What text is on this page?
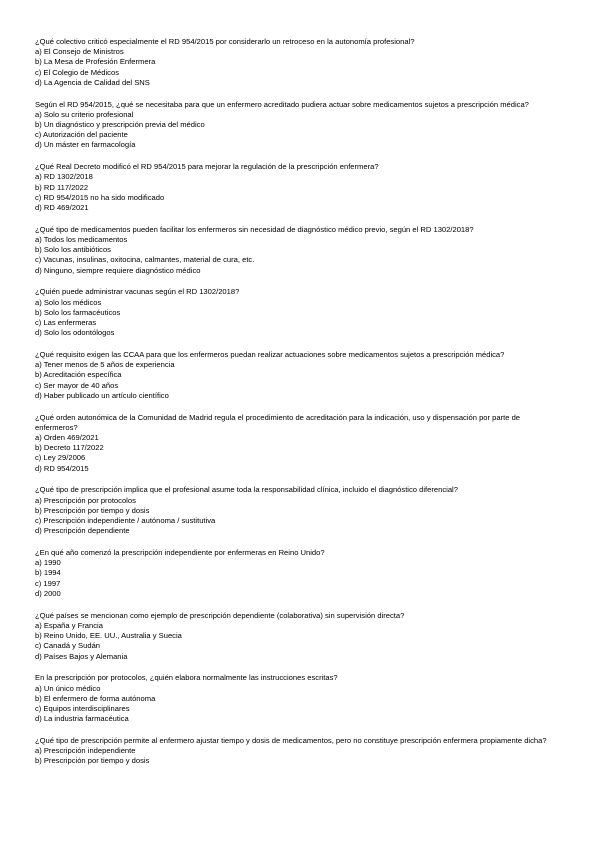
¿Qué colectivo criticó especialmente el RD 954/2015 por considerarlo un retroceso en la autonomía profesional?

a) El Consejo de Ministros
b) La Mesa de Profesión Enfermera
c) El Colegio de Médicos
d) La Agencia de Calidad del SNS

Según el RD 954/2015, ¿qué se necesitaba para que un enfermero acreditado pudiera actuar sobre medicamentos sujetos a prescripción médica?

a) Solo su criterio profesional
b) Un diagnóstico y prescripción previa del médico
c) Autorización del paciente
d) Un máster en farmacología

¿Qué Real Decreto modificó el RD 954/2015 para mejorar la regulación de la prescripción enfermera?

a) RD 1302/2018
b) RD 117/2022
c) RD 954/2015 no ha sido modificado
d) RD 469/2021

¿Qué tipo de medicamentos pueden facilitar los enfermeros sin necesidad de diagnóstico médico previo, según el RD 1302/2018?

a) Todos los medicamentos
b) Solo los antibióticos
c) Vacunas, insulinas, oxitocina, calmantes, material de cura, etc.
d) Ninguno, siempre requiere diagnóstico médico

¿Quién puede administrar vacunas según el RD 1302/2018?

a) Solo los médicos
b) Solo los farmacéuticos
c) Las enfermeras
d) Solo los odontólogos

¿Qué requisito exigen las CCAA para que los enfermeros puedan realizar actuaciones sobre medicamentos sujetos a prescripción médica?

a) Tener menos de 5 años de experiencia
b) Acreditación específica
c) Ser mayor de 40 años
d) Haber publicado un artículo científico

¿Qué orden autonómica de la Comunidad de Madrid regula el procedimiento de acreditación para la indicación, uso y dispensación por parte de enfermeros?

a) Orden 469/2021
b) Decreto 117/2022
c) Ley 29/2006
d) RD 954/2015

¿Qué tipo de prescripción implica que el profesional asume toda la responsabilidad clínica, incluido el diagnóstico diferencial?

a) Prescripción por protocolos
b) Prescripción por tiempo y dosis
c) Prescripción independiente / autónoma / sustitutiva
d) Prescripción dependiente

¿En qué año comenzó la prescripción independiente por enfermeras en Reino Unido?

a) 1990
b) 1994
c) 1997
d) 2000

¿Qué países se mencionan como ejemplo de prescripción dependiente (colaborativa) sin supervisión directa?

a) España y Francia
b) Reino Unido, EE. UU., Australia y Suecia
c) Canadá y Sudán
d) Países Bajos y Alemania

En la prescripción por protocolos, ¿quién elabora normalmente las instrucciones escritas?

a) Un único médico
b) El enfermero de forma autónoma
c) Equipos interdisciplinares
d) La industria farmacéutica

¿Qué tipo de prescripción permite al enfermero ajustar tiempo y dosis de medicamentos, pero no constituye prescripción enfermera propiamente dicha?

a) Prescripción independiente
b) Prescripción por tiempo y dosis
